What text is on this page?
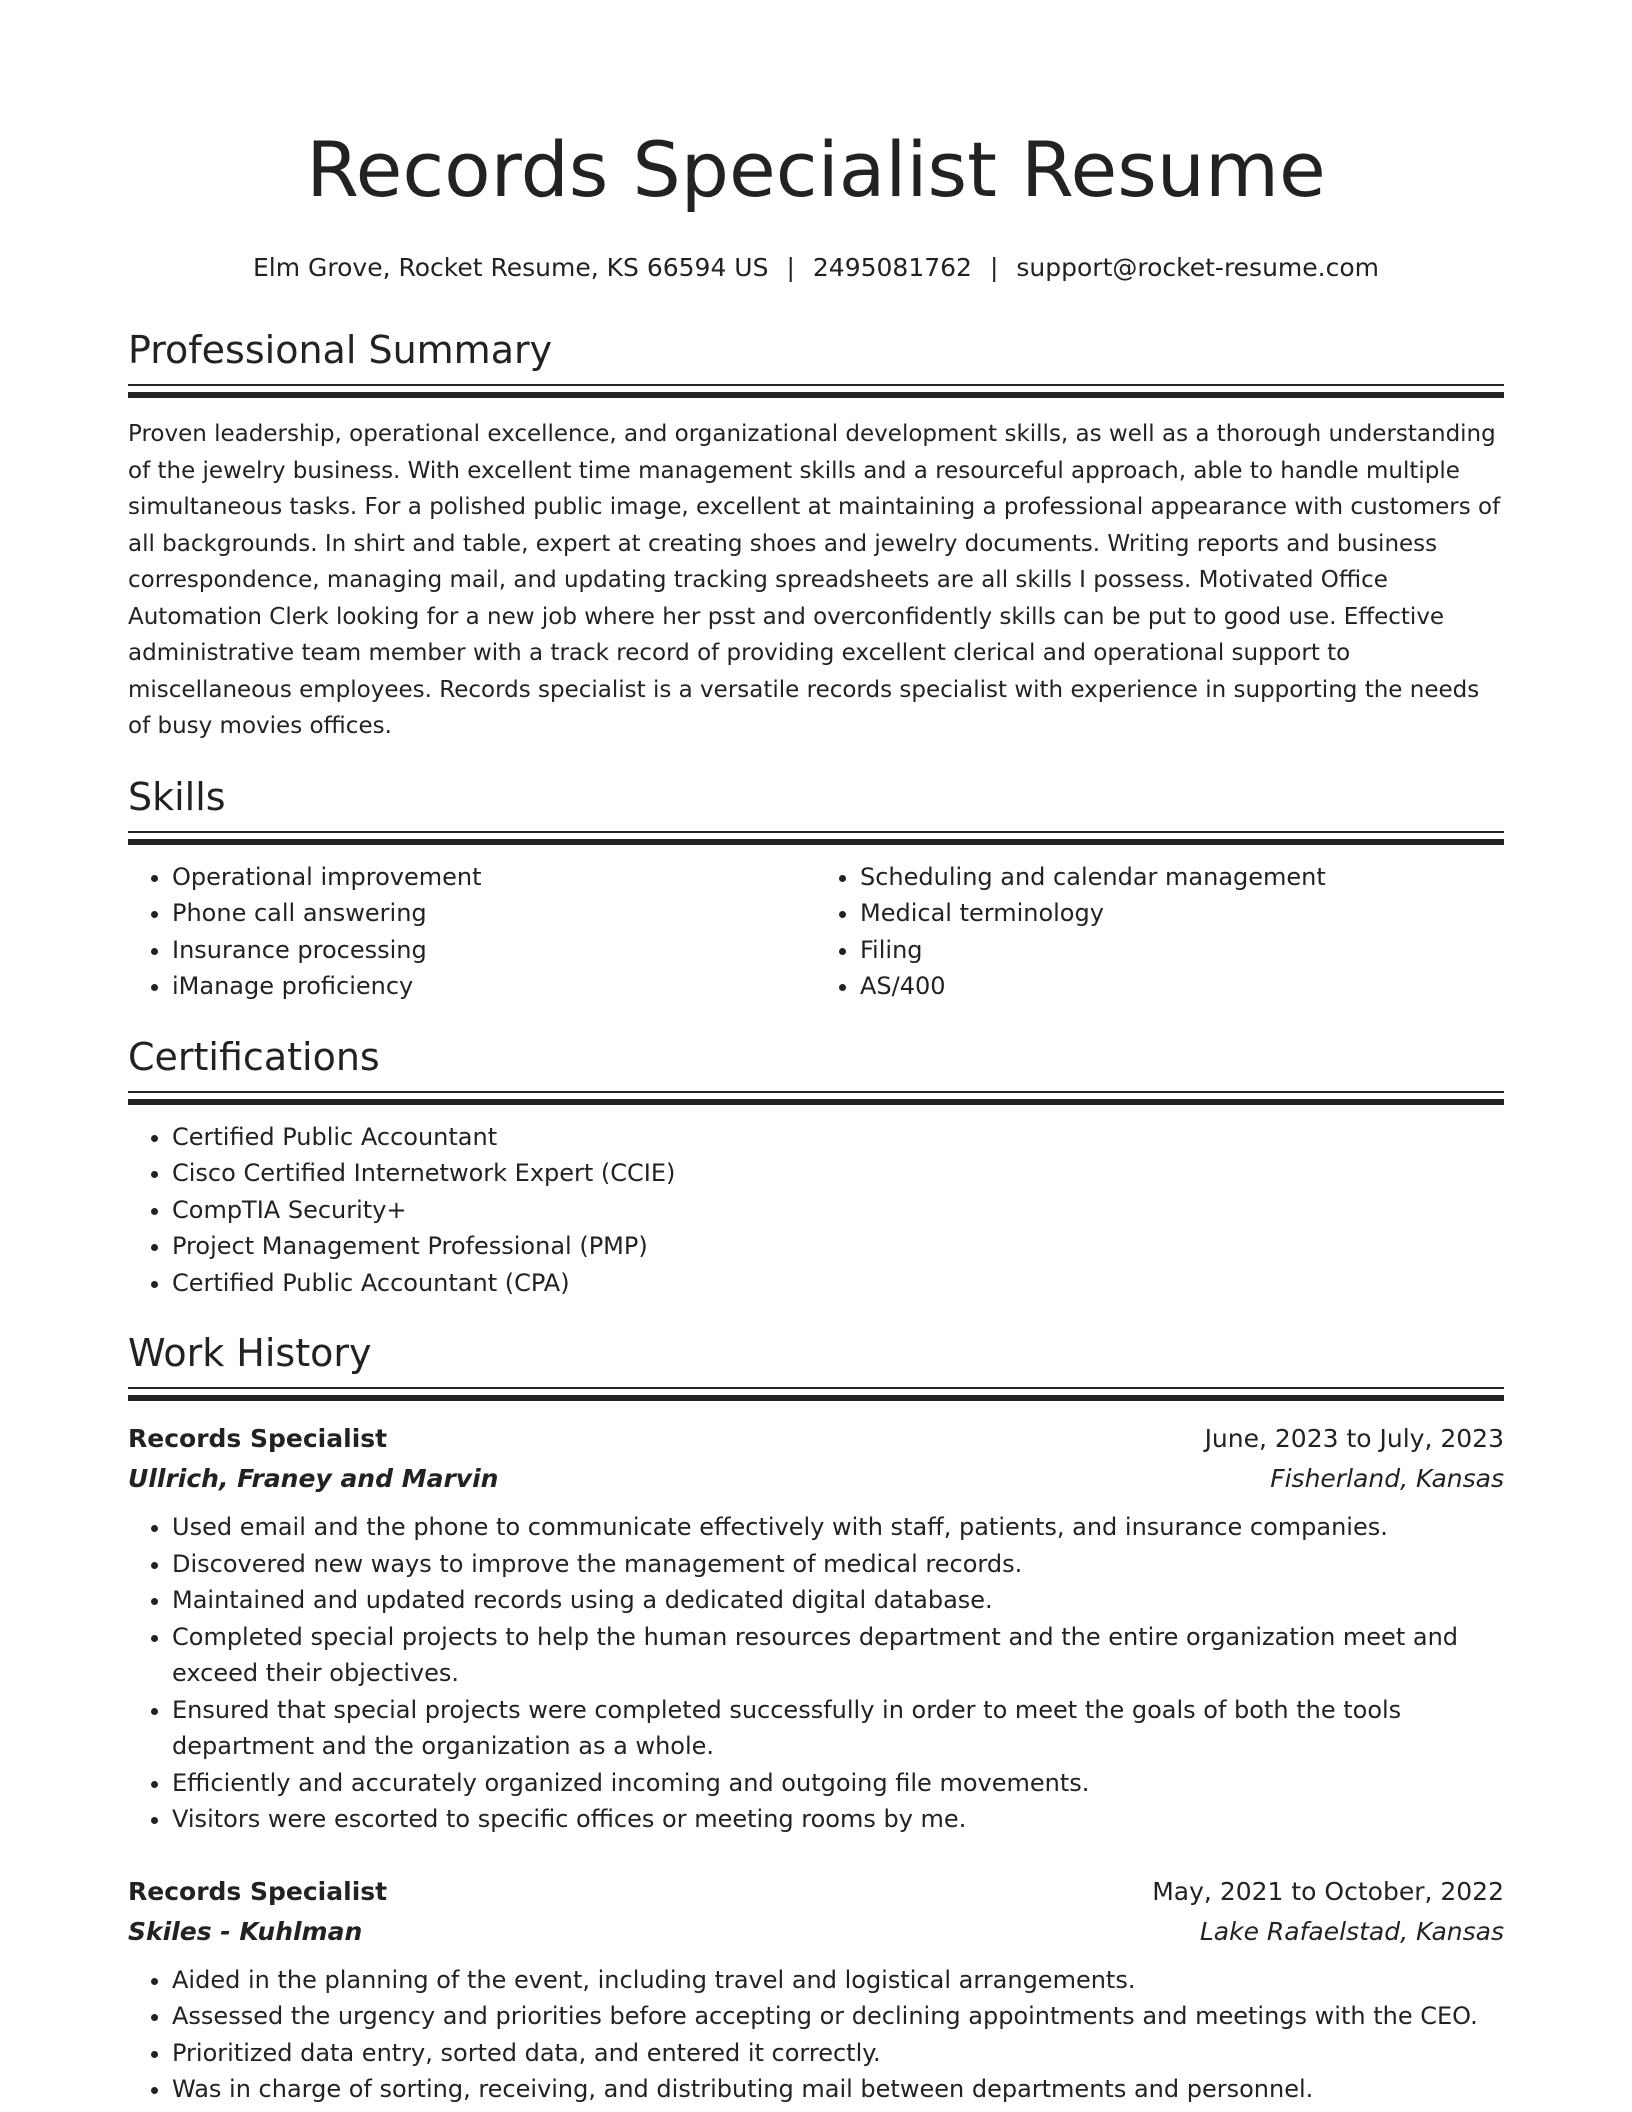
Records Specialist Resume
Elm Grove, Rocket Resume, KS 66594 US | 2495081762 | support@rocket-resume.com
Professional Summary

Proven leadership, operational excellence, and organizational development skills, as well as a thorough understanding of the jewelry business. With excellent time management skills and a resourceful approach, able to handle multiple simultaneous tasks. For a polished public image, excellent at maintaining a professional appearance with customers of all backgrounds. In shirt and table, expert at creating shoes and jewelry documents. Writing reports and business correspondence, managing mail, and updating tracking spreadsheets are all skills I possess. Motivated Office Automation Clerk looking for a new job where her psst and overconfidently skills can be put to good use. Effective administrative team member with a track record of providing excellent clerical and operational support to miscellaneous employees. Records specialist is a versatile records specialist with experience in supporting the needs of busy movies offices.

Skills
• Operational improvement
• Phone call answering
• Insurance processing
• iManage proficiency
• Scheduling and calendar management
• Medical terminology
• Filing
• AS/400
Certifications
• Certified Public Accountant
• Cisco Certified Internetwork Expert (CCIE)
• CompTIA Security+
• Project Management Professional (PMP)
• Certified Public Accountant (CPA)
Work History
Records Specialist	June, 2023 to July, 2023
Ullrich, Franey and Marvin	Fisherland, Kansas
• Used email and the phone to communicate effectively with staff, patients, and insurance companies.
• Discovered new ways to improve the management of medical records.
• Maintained and updated records using a dedicated digital database.
• Completed special projects to help the human resources department and the entire organization meet and exceed their objectives.
• Ensured that special projects were completed successfully in order to meet the goals of both the tools department and the organization as a whole.
• Efficiently and accurately organized incoming and outgoing file movements.
• Visitors were escorted to specific offices or meeting rooms by me.
Records Specialist	May, 2021 to October, 2022
Skiles - Kuhlman	Lake Rafaelstad, Kansas
• Aided in the planning of the event, including travel and logistical arrangements.
• Assessed the urgency and priorities before accepting or declining appointments and meetings with the CEO.
• Prioritized data entry, sorted data, and entered it correctly.
• Was in charge of sorting, receiving, and distributing mail between departments and personnel.
